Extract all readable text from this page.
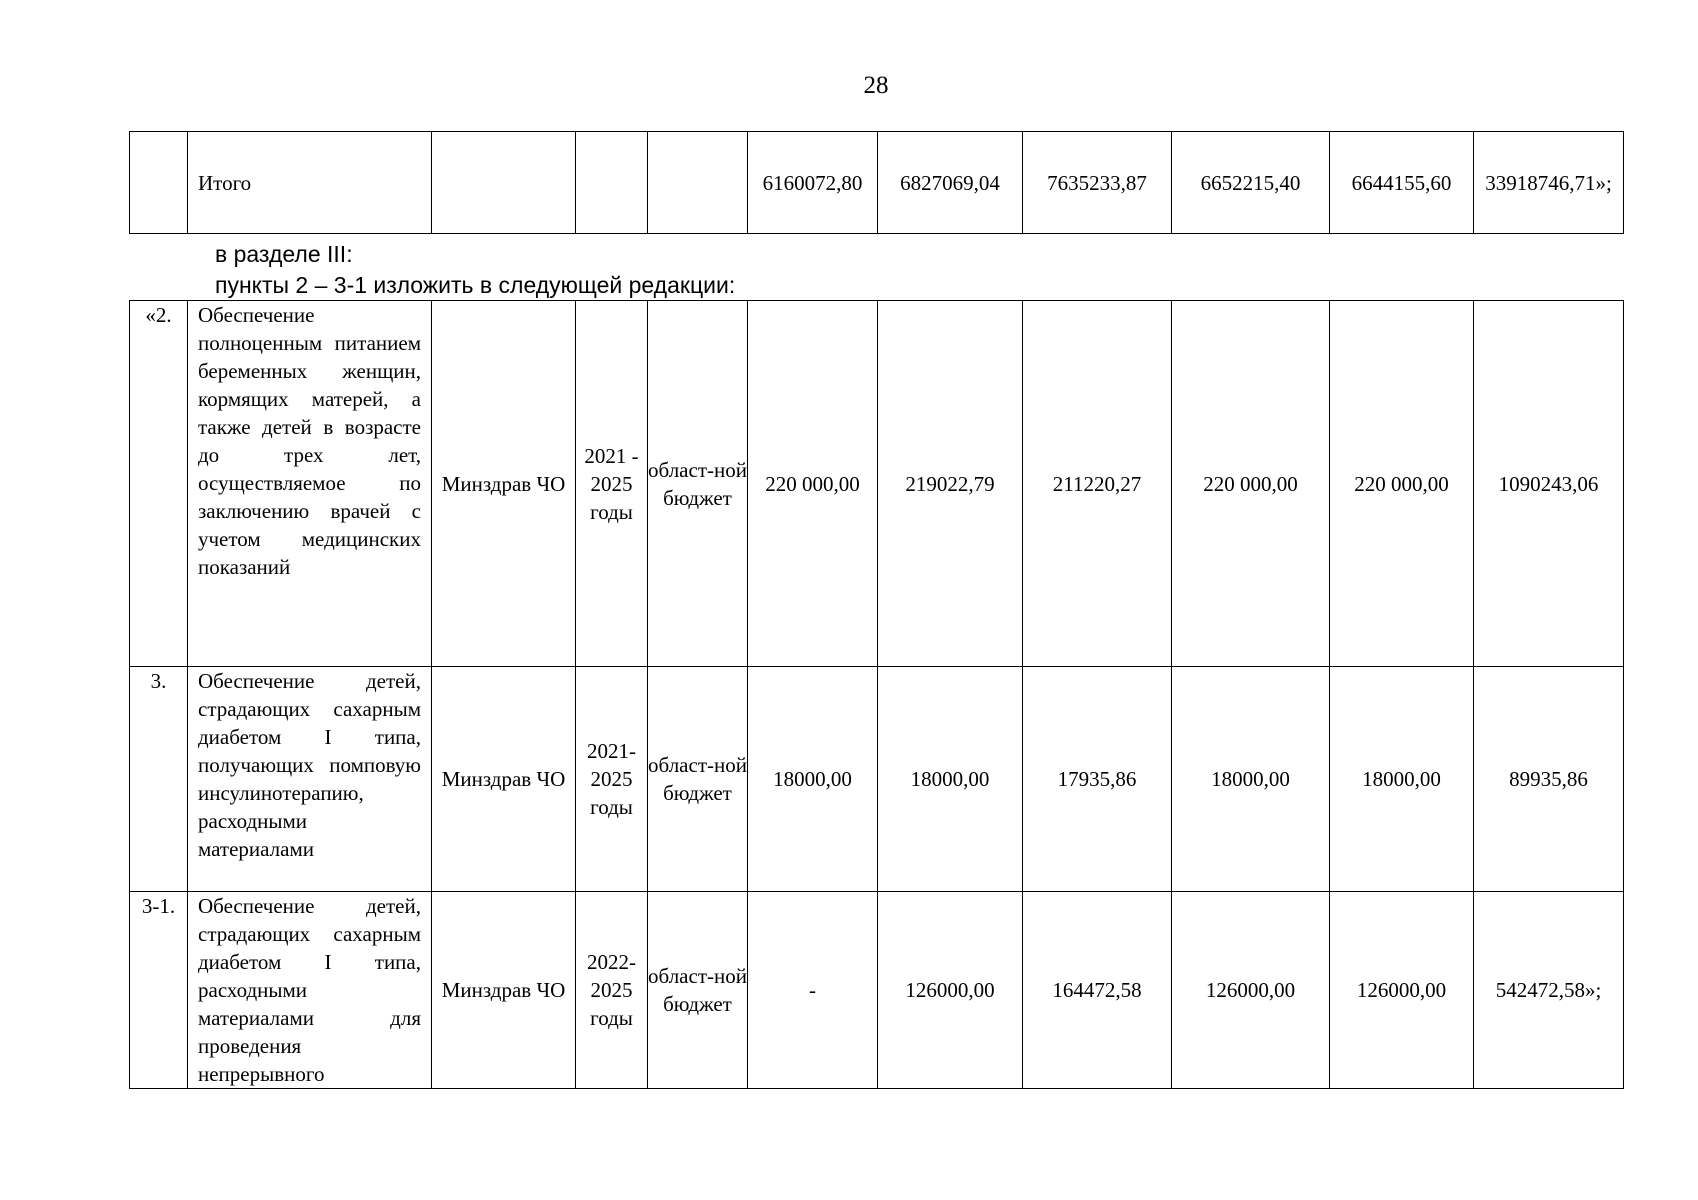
28
	Итого				6160072,80	6827069,04	7635233,87	6652215,40	6644155,60	33918746,71»;
в разделе III:
пункты 2 – 3-1 изложить в следующей редакции:
«2.	Обеспечение полноценным питанием беременных женщин, кормящих матерей, а также детей в возрасте до трех лет, осуществляемое по заключению врачей с учетом медицинских показаний	Минздрав ЧО	2021 - 2025 годы	област-ной бюджет	220 000,00	219022,79	211220,27	220 000,00	220 000,00	1090243,06
3.	Обеспечение детей, страдающих сахарным диабетом I типа, получающих помповую инсулинотерапию, расходными материалами	Минздрав ЧО	2021- 2025 годы	област-ной бюджет	18000,00	18000,00	17935,86	18000,00	18000,00	89935,86
3-1.	Обеспечение детей, страдающих сахарным диабетом I типа, расходными материалами для проведения непрерывного	Минздрав ЧО	2022- 2025 годы	област-ной бюджет	-	126000,00	164472,58	126000,00	126000,00	542472,58»;
